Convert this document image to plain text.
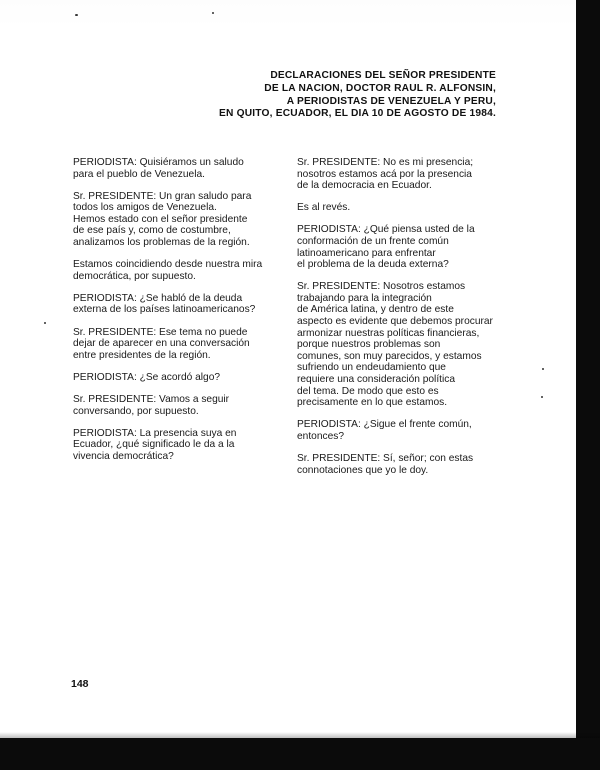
DECLARACIONES DEL SEÑOR PRESIDENTE
DE LA NACION, DOCTOR RAUL R. ALFONSIN,
A PERIODISTAS DE VENEZUELA Y PERU,
EN QUITO, ECUADOR, EL DIA 10 DE AGOSTO DE 1984.

PERIODISTA: Quisiéramos un saludo
para el pueblo de Venezuela.

Sr. PRESIDENTE: Un gran saludo para
todos los amigos de Venezuela.
Hemos estado con el señor presidente
de ese país y, como de costumbre,
analizamos los problemas de la región.

Estamos coincidiendo desde nuestra mira
democrática, por supuesto.

PERIODISTA: ¿Se habló de la deuda
externa de los países latinoamericanos?

Sr. PRESIDENTE: Ese tema no puede
dejar de aparecer en una conversación
entre presidentes de la región.

PERIODISTA: ¿Se acordó algo?

Sr. PRESIDENTE: Vamos a seguir
conversando, por supuesto.

PERIODISTA: La presencia suya en
Ecuador, ¿qué significado le da a la
vivencia democrática?

Sr. PRESIDENTE: No es mi presencia;
nosotros estamos acá por la presencia
de la democracia en Ecuador.

Es al revés.

PERIODISTA: ¿Qué piensa usted de la
conformación de un frente común
latinoamericano para enfrentar
el problema de la deuda externa?

Sr. PRESIDENTE: Nosotros estamos
trabajando para la integración
de América latina, y dentro de este
aspecto es evidente que debemos procurar
armonizar nuestras políticas financieras,
porque nuestros problemas son
comunes, son muy parecidos, y estamos
sufriendo un endeudamiento que
requiere una consideración política
del tema. De modo que esto es
precisamente en lo que estamos.

PERIODISTA: ¿Sigue el frente común,
entonces?

Sr. PRESIDENTE: Sí, señor; con estas
connotaciones que yo le doy.

148
